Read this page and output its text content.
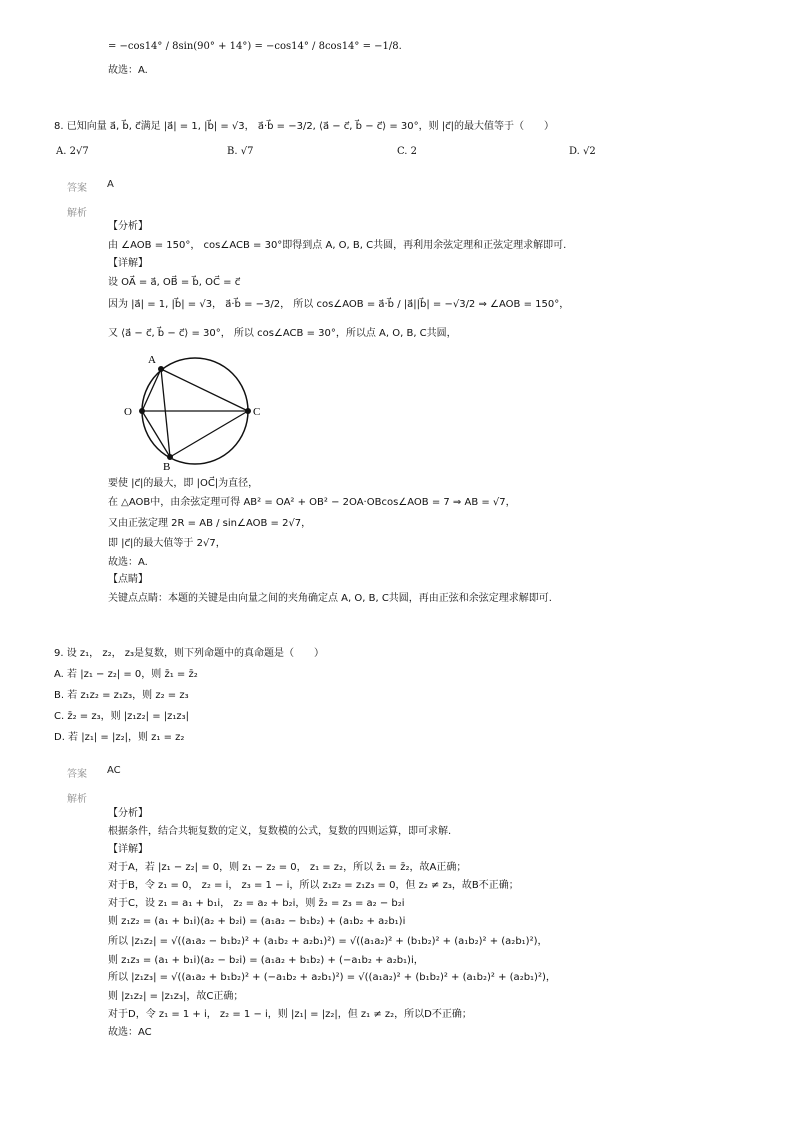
= −cos14° / 8sin(90° + 14°) = −cos14° / 8cos14° = −1/8.
故选：A.
8. 已知向量 a⃗, b⃗, c⃗满足 |a⃗| = 1, |b⃗| = √3， a⃗·b⃗ = −3/2, ⟨a⃗ − c⃗, b⃗ − c⃗⟩ = 30°，则 |c⃗|的最大值等于（　　）
A. 2√7	B. √7	C. 2	D. √2
答案 A
解析
【分析】
由 ∠AOB = 150°， cos∠ACB = 30°即得到点 A, O, B, C共圆，再利用余弦定理和正弦定理求解即可.
【详解】
设 OA⃗ = a⃗, OB⃗ = b⃗, OC⃗ = c⃗
因为 |a⃗| = 1, |b⃗| = √3， a⃗·b⃗ = −3/2， 所以 cos∠AOB = a⃗·b⃗ / |a⃗||b⃗| = −√3/2 ⇒ ∠AOB = 150°，
又 ⟨a⃗ − c⃗, b⃗ − c⃗⟩ = 30°， 所以 cos∠ACB = 30°，所以点 A, O, B, C共圆，
A
O
B
C
要使 |c⃗|的最大，即 |OC⃗|为直径，
在 △AOB中，由余弦定理可得 AB² = OA² + OB² − 2OA·OBcos∠AOB = 7 ⇒ AB = √7，
又由正弦定理 2R = AB / sin∠AOB = 2√7，
即 |c⃗|的最大值等于 2√7，
故选：A.
【点睛】
关键点点睛：本题的关键是由向量之间的夹角确定点 A, O, B, C共圆，再由正弦和余弦定理求解即可.
9. 设 z₁， z₂， z₃是复数，则下列命题中的真命题是（　　）
A. 若 |z₁ − z₂| = 0，则 z̄₁ = z̄₂
B. 若 z₁z₂ = z₁z₃，则 z₂ = z₃
C. z̄₂ = z₃，则 |z₁z₂| = |z₁z₃|
D. 若 |z₁| = |z₂|，则 z₁ = z₂
答案 AC
解析
【分析】
根据条件，结合共轭复数的定义，复数模的公式，复数的四则运算，即可求解.
【详解】
对于A，若 |z₁ − z₂| = 0，则 z₁ − z₂ = 0， z₁ = z₂，所以 z̄₁ = z̄₂，故A正确；
对于B，令 z₁ = 0， z₂ = i， z₃ = 1 − i，所以 z₁z₂ = z₁z₃ = 0，但 z₂ ≠ z₃，故B不正确；
对于C，设 z₁ = a₁ + b₁i， z₂ = a₂ + b₂i，则 z̄₂ = z₃ = a₂ − b₂i
则 z₁z₂ = (a₁ + b₁i)(a₂ + b₂i) = (a₁a₂ − b₁b₂) + (a₁b₂ + a₂b₁)i
所以 |z₁z₂| = √((a₁a₂ − b₁b₂)² + (a₁b₂ + a₂b₁)²) = √((a₁a₂)² + (b₁b₂)² + (a₁b₂)² + (a₂b₁)²)，
则 z₁z₃ = (a₁ + b₁i)(a₂ − b₂i) = (a₁a₂ + b₁b₂) + (−a₁b₂ + a₂b₁)i，
所以 |z₁z₃| = √((a₁a₂ + b₁b₂)² + (−a₁b₂ + a₂b₁)²) = √((a₁a₂)² + (b₁b₂)² + (a₁b₂)² + (a₂b₁)²)，
则 |z₁z₂| = |z₁z₃|，故C正确；
对于D，令 z₁ = 1 + i， z₂ = 1 − i，则 |z₁| = |z₂|，但 z₁ ≠ z₂，所以D不正确；
故选：AC
